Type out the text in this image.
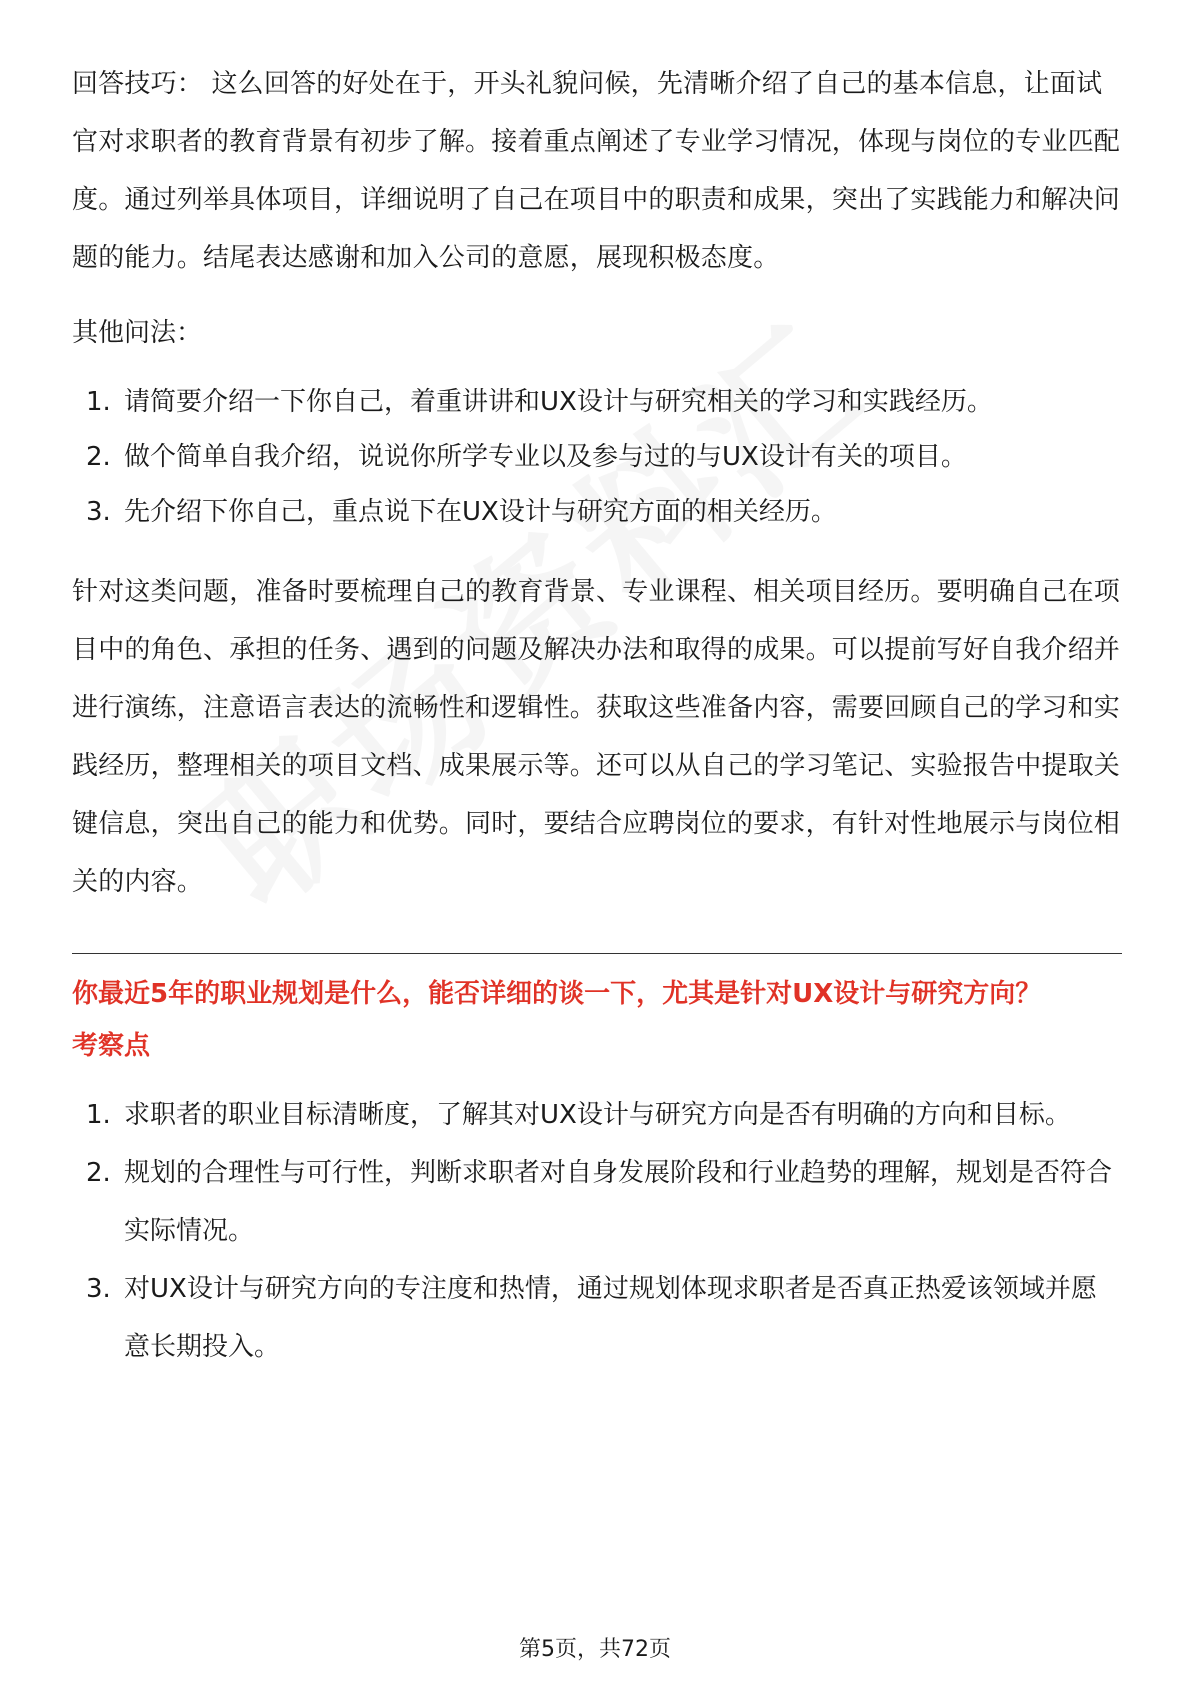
回答技巧： 这么回答的好处在于，开头礼貌问候，先清晰介绍了自己的基本信息，让面试官对求职者的教育背景有初步了解。接着重点阐述了专业学习情况，体现与岗位的专业匹配度。通过列举具体项目，详细说明了自己在项目中的职责和成果，突出了实践能力和解决问题的能力。结尾表达感谢和加入公司的意愿，展现积极态度。

其他问法：

1. 请简要介绍一下你自己，着重讲讲和UX设计与研究相关的学习和实践经历。
2. 做个简单自我介绍，说说你所学专业以及参与过的与UX设计有关的项目。
3. 先介绍下你自己，重点说下在UX设计与研究方面的相关经历。

针对这类问题，准备时要梳理自己的教育背景、专业课程、相关项目经历。要明确自己在项目中的角色、承担的任务、遇到的问题及解决办法和取得的成果。可以提前写好自我介绍并进行演练，注意语言表达的流畅性和逻辑性。获取这些准备内容，需要回顾自己的学习和实践经历，整理相关的项目文档、成果展示等。还可以从自己的学习笔记、实验报告中提取关键信息，突出自己的能力和优势。同时，要结合应聘岗位的要求，有针对性地展示与岗位相关的内容。

你最近5年的职业规划是什么，能否详细的谈一下，尤其是针对UX设计与研究方向？

考察点

1. 求职者的职业目标清晰度，了解其对UX设计与研究方向是否有明确的方向和目标。
2. 规划的合理性与可行性，判断求职者对自身发展阶段和行业趋势的理解，规划是否符合实际情况。
3. 对UX设计与研究方向的专注度和热情，通过规划体现求职者是否真正热爱该领域并愿意长期投入。
第5页，共72页
